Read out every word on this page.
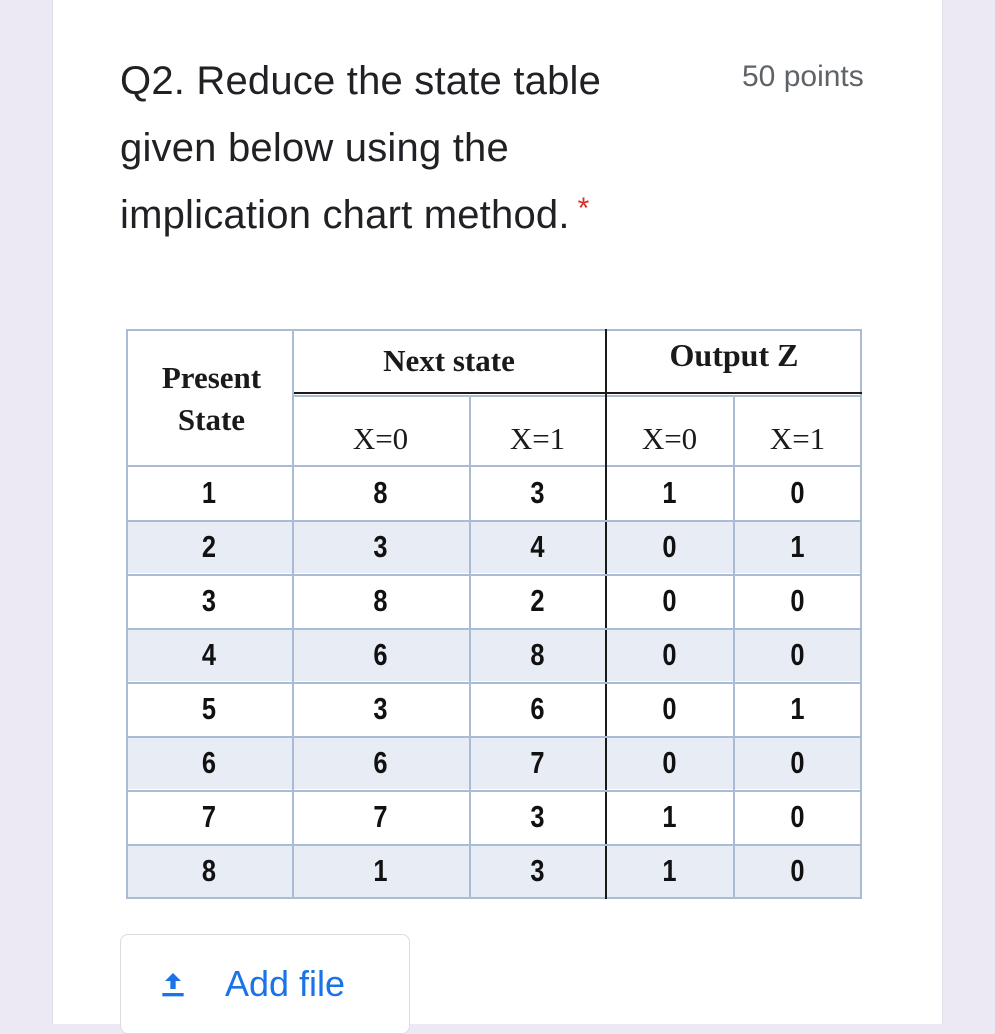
Q2. Reduce the state table given below using the implication chart method. *
50 points
Present State
Next state	Output Z
X=0	X=1	X=0	X=1
1	8	3	1	0
2	3	4	0	1
3	8	2	0	0
4	6	8	0	0
5	3	6	0	1
6	6	7	0	0
7	7	3	1	0
8	1	3	1	0
Add file
